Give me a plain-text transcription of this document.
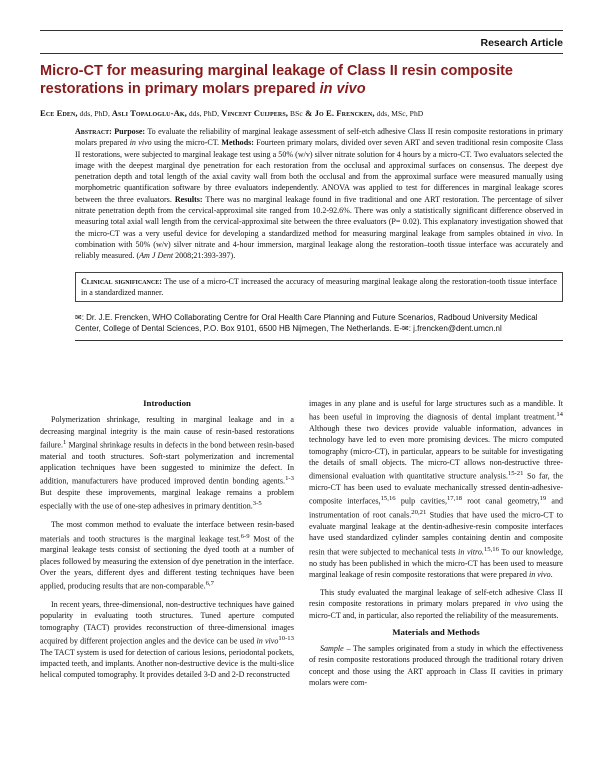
Research Article
Micro-CT for measuring marginal leakage of Class II resin composite
restorations in primary molars prepared in vivo
Ece Eden, dds, PhD, Aslı Topaloglu-Ak, dds, PhD, Vincent Cuijpers, BSc & Jo E. Frencken, dds, MSc, PhD
Abstract: Purpose: To evaluate the reliability of marginal leakage assessment of self-etch adhesive Class II resin composite restorations in primary molars prepared in vivo using the micro-CT. Methods: Fourteen primary molars, divided over seven ART and seven traditional resin composite Class II restorations, were subjected to marginal leakage test using a 50% (w/v) silver nitrate solution for 4 hours by a micro-CT. Two evaluators selected the image with the deepest marginal dye penetration for each restoration from the occlusal and approximal surfaces on consensus. The deepest dye penetration depth and total length of the axial cavity wall from both the occlusal and from the approximal surface were measured manually using morphometric quantification software by three evaluators independently. ANOVA was applied to test for differences in marginal leakage scores between the three evaluators. Results: There was no marginal leakage found in five traditional and one ART restoration. The percentage of silver nitrate penetration depth from the cervical-approximal site ranged from 10.2-92.6%. There was only a statistically significant difference observed in measuring total axial wall length from the cervical-approximal site between the three evaluators (P= 0.02). This explanatory investigation showed that the micro-CT was a very useful device for developing a standardized method for measuring marginal leakage from samples obtained in vivo. In combination with 50% (w/v) silver nitrate and 4-hour immersion, marginal leakage along the restoration–tooth tissue interface was accurately and reliably measured. (Am J Dent 2008;21:393-397).
Clinical significance: The use of a micro-CT increased the accuracy of measuring marginal leakage along the restoration-tooth tissue interface in a standardized manner.
✉: Dr. J.E. Frencken, WHO Collaborating Centre for Oral Health Care Planning and Future Scenarios, Radboud University Medical Center, College of Dental Sciences, P.O. Box 9101, 6500 HB Nijmegen, The Netherlands. E-✉: j.frencken@dent.umcn.nl
Introduction

Polymerization shrinkage, resulting in marginal leakage and in a decreasing marginal integrity is the main cause of resin-based restorations failure.$^1$ Marginal shrinkage results in defects in the bond between resin-based material and tooth structures. Soft-start polymerization and incremental application techniques have been suggested to minimize the defect. In addition, manufacturers have produced improved dentin bonding agents.$^{1-3}$ But despite these improvements, marginal leakage remains a problem especially with the use of one-step adhesives in primary dentition.$^{3-5}$

The most common method to evaluate the interface between resin-based materials and tooth structures is the marginal leakage test.$^{6-9}$ Most of the marginal leakage tests consist of sectioning the dyed tooth at a number of places followed by measuring the extension of dye penetration in the interface. Over the years, different dyes and different testing techniques have been applied, producing results that are non-comparable.$^{6,7}$

In recent years, three-dimensional, non-destructive techniques have gained popularity in evaluating tooth structures. Tuned aperture computed tomography (TACT) provides reconstruction of three-dimensional images acquired by different projection angles and the device can be used in vivo$^{10-13}$ The TACT system is used for detection of carious lesions, periodontal pockets, impacted teeth, and implants. Another non-destructive device is the multi-slice helical computed tomography. It provides detailed 3-D and 2-D reconstructed

images in any plane and is useful for large structures such as a mandible. It has been useful in improving the diagnosis of dental implant treatment.$^{14}$ Although these two devices provide valuable information, advances in technology have led to even more promising devices. The micro computed tomography (micro-CT), in particular, appears to be suitable for investigating the details of small objects. The micro-CT allows non-destructive three-dimensional evaluation with quantitative structure analysis.$^{15-21}$ So far, the micro-CT has been used to evaluate mechanically stressed dentin-adhesive-composite interfaces,$^{15,16}$ pulp cavities,$^{17,18}$ root canal geometry,$^{19}$ and instrumentation of root canals.$^{20,21}$ Studies that have used the micro-CT to evaluate marginal leakage at the dentin-adhesive-resin composite interfaces have used standardized cylinder samples containing dentin and composite resin that were subjected to mechanical tests in vitro.$^{15,16}$ To our knowledge, no study has been published in which the micro-CT has been used to measure marginal leakage of resin composite restorations that were prepared in vivo.

This study evaluated the marginal leakage of self-etch adhesive Class II resin composite restorations in primary molars prepared in vivo using the micro-CT and, in particular, also reported the reliability of the measurements.

Materials and Methods

Sample – The samples originated from a study in which the effectiveness of resin composite restorations produced through the traditional rotary driven concept and those using the ART approach in Class II cavities in primary molars were com-
